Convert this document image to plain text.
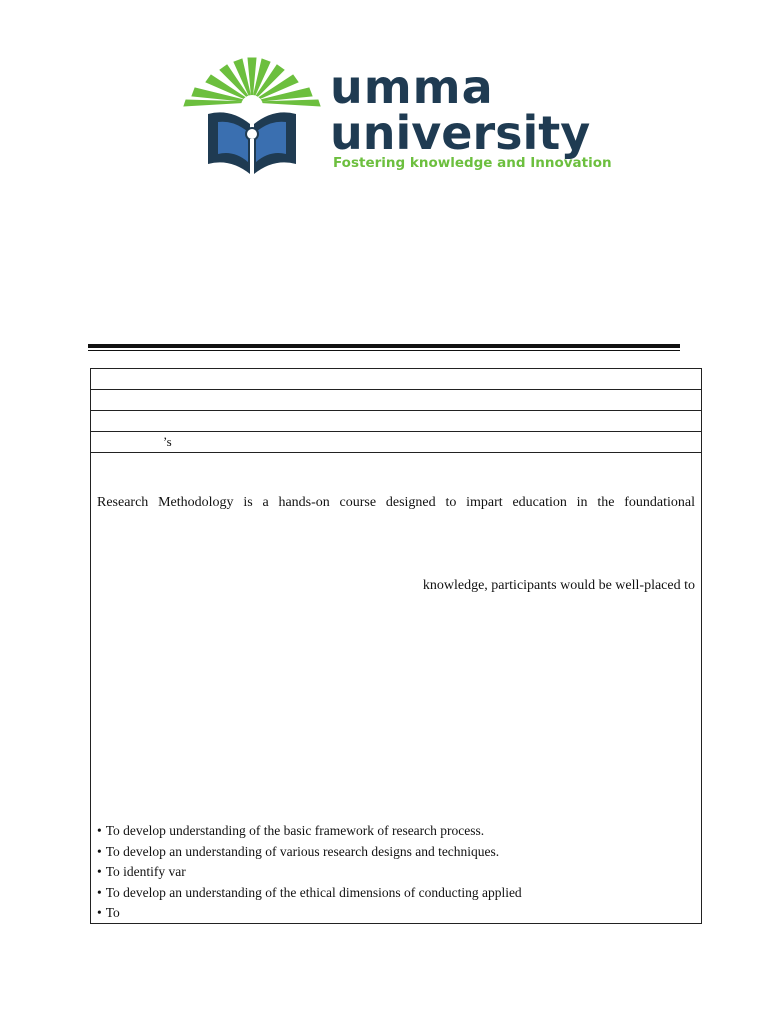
umma
university
Fostering knowledge and Innovation
’s

Research Methodology is a hands-on course designed to impart education in the foundational

knowledge, participants would be well-placed to

• To develop understanding of the basic framework of research process.
• To develop an understanding of various research designs and techniques.
• To identify var
• To develop an understanding of the ethical dimensions of conducting applied
• To
